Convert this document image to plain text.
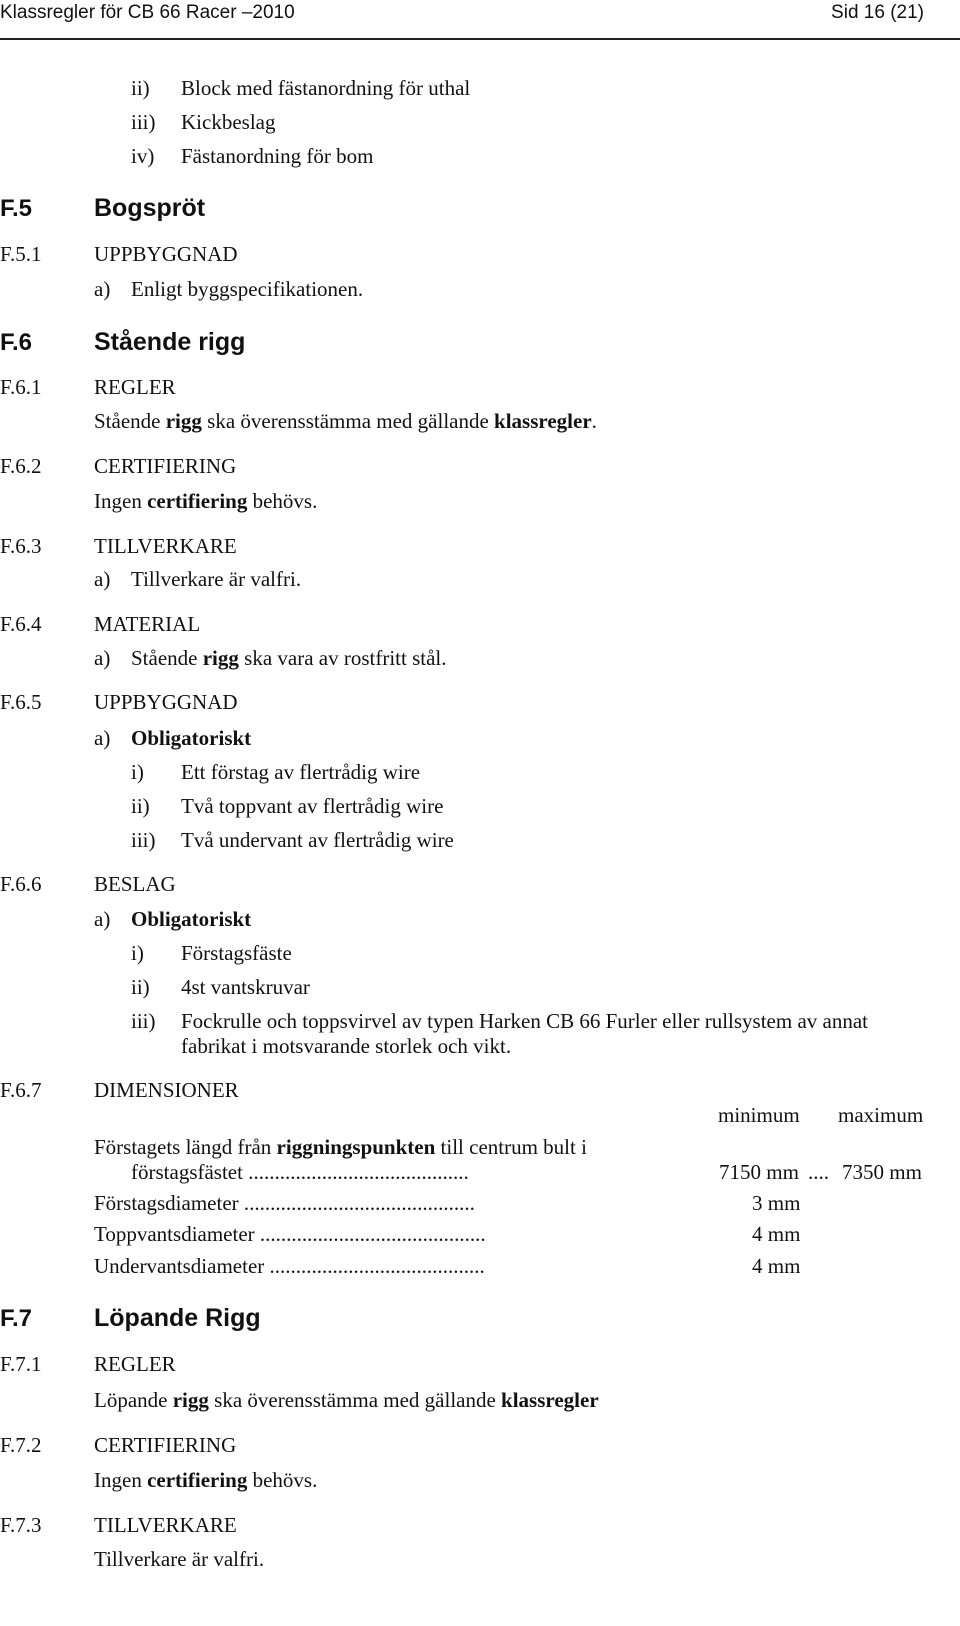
Klassregler för CB 66 Racer –2010	Sid 16 (21)
ii) Block med fästanordning för uthal
iii) Kickbeslag
iv) Fästanordning för bom
F.5 Bogspröt
F.5.1	UPPBYGGNAD
a) Enligt byggspecifikationen.
F.6 Stående rigg
F.6.1	REGLER
Stående rigg ska överensstämma med gällande klassregler.
F.6.2	CERTIFIERING
Ingen certifiering behövs.
F.6.3	TILLVERKARE
a) Tillverkare är valfri.
F.6.4	MATERIAL
a) Stående rigg ska vara av rostfritt stål.
F.6.5	UPPBYGGNAD
a) Obligatoriskt
i) Ett förstag av flertrådig wire
ii) Två toppvant av flertrådig wire
iii) Två undervant av flertrådig wire
F.6.6	BESLAG
a) Obligatoriskt
i) Förstagsfäste
ii) 4st vantskruvar
iii) Fockrulle och toppsvirvel av typen Harken CB 66 Furler eller rullsystem av annat
fabrikat i motsvarande storlek och vikt.
F.6.7	DIMENSIONER
minimum maximum
Förstagets längd från riggningspunkten till centrum bult i
förstagsfästet ..........................................	7150 mm .... 7350 mm
Förstagsdiameter ............................................	3 mm
Toppvantsdiameter ...........................................	4 mm
Undervantsdiameter .........................................	4 mm
F.7 Löpande Rigg
F.7.1	REGLER
Löpande rigg ska överensstämma med gällande klassregler
F.7.2	CERTIFIERING
Ingen certifiering behövs.
F.7.3	TILLVERKARE
Tillverkare är valfri.
